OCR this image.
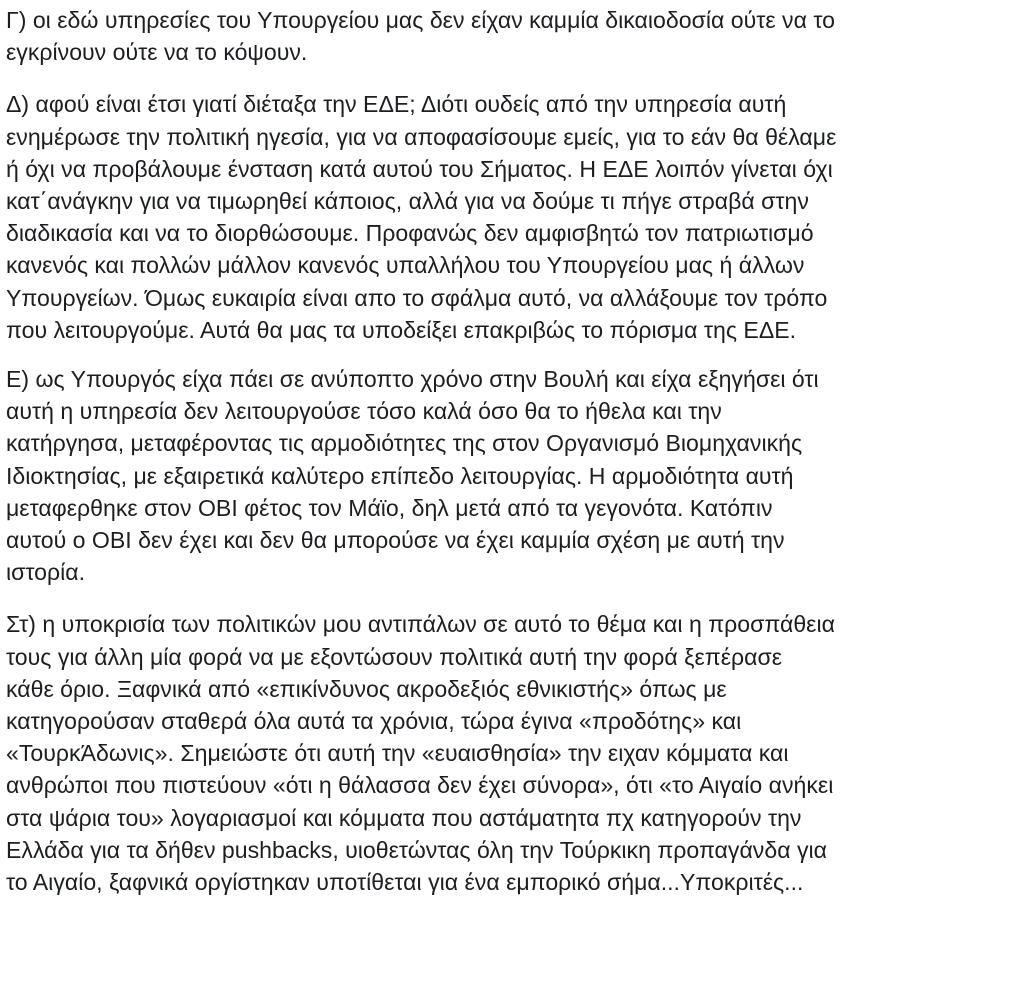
Γ) οι εδώ υπηρεσίες του Υπουργείου μας δεν είχαν καμμία δικαιοδοσία ούτε να το
εγκρίνουν ούτε να το κόψουν.

Δ) αφού είναι έτσι γιατί διέταξα την ΕΔΕ; Διότι ουδείς από την υπηρεσία αυτή
ενημέρωσε την πολιτική ηγεσία, για να αποφασίσουμε εμείς, για το εάν θα θέλαμε
ή όχι να προβάλουμε ένσταση κατά αυτού του Σήματος. Η ΕΔΕ λοιπόν γίνεται όχι
κατ΄ανάγκην για να τιμωρηθεί κάποιος, αλλά για να δούμε τι πήγε στραβά στην
διαδικασία και να το διορθώσουμε. Προφανώς δεν αμφισβητώ τον πατριωτισμό
κανενός και πολλών μάλλον κανενός υπαλλήλου του Υπουργείου μας ή άλλων
Υπουργείων. Όμως ευκαιρία είναι απο το σφάλμα αυτό, να αλλάξουμε τον τρόπο
που λειτουργούμε. Αυτά θα μας τα υποδείξει επακριβώς το πόρισμα της ΕΔΕ.

Ε) ως Υπουργός είχα πάει σε ανύποπτο χρόνο στην Βουλή και είχα εξηγήσει ότι
αυτή η υπηρεσία δεν λειτουργούσε τόσο καλά όσο θα το ήθελα και την
κατήργησα, μεταφέροντας τις αρμοδιότητες της στον Οργανισμό Βιομηχανικής
Ιδιοκτησίας, με εξαιρετικά καλύτερο επίπεδο λειτουργίας. Η αρμοδιότητα αυτή
μεταφερθηκε στον ΟΒΙ φέτος τον Μάϊο, δηλ μετά από τα γεγονότα. Κατόπιν
αυτού ο ΟΒΙ δεν έχει και δεν θα μπορούσε να έχει καμμία σχέση με αυτή την
ιστορία.

Στ) η υποκρισία των πολιτικών μου αντιπάλων σε αυτό το θέμα και η προσπάθεια
τους για άλλη μία φορά να με εξοντώσουν πολιτικά αυτή την φορά ξεπέρασε
κάθε όριο. Ξαφνικά από «επικίνδυνος ακροδεξιός εθνικιστής» όπως με
κατηγορούσαν σταθερά όλα αυτά τα χρόνια, τώρα έγινα «προδότης» και
«ΤουρκΆδωνις». Σημειώστε ότι αυτή την «ευαισθησία» την ειχαν κόμματα και
ανθρώποι που πιστεύουν «ότι η θάλασσα δεν έχει σύνορα», ότι «το Αιγαίο ανήκει
στα ψάρια του» λογαριασμοί και κόμματα που αστάματητα πχ κατηγορούν την
Ελλάδα για τα δήθεν pushbacks, υιοθετώντας όλη την Τούρκικη προπαγάνδα για
το Αιγαίο, ξαφνικά οργίστηκαν υποτίθεται για ένα εμπορικό σήμα...Υποκριτές...
